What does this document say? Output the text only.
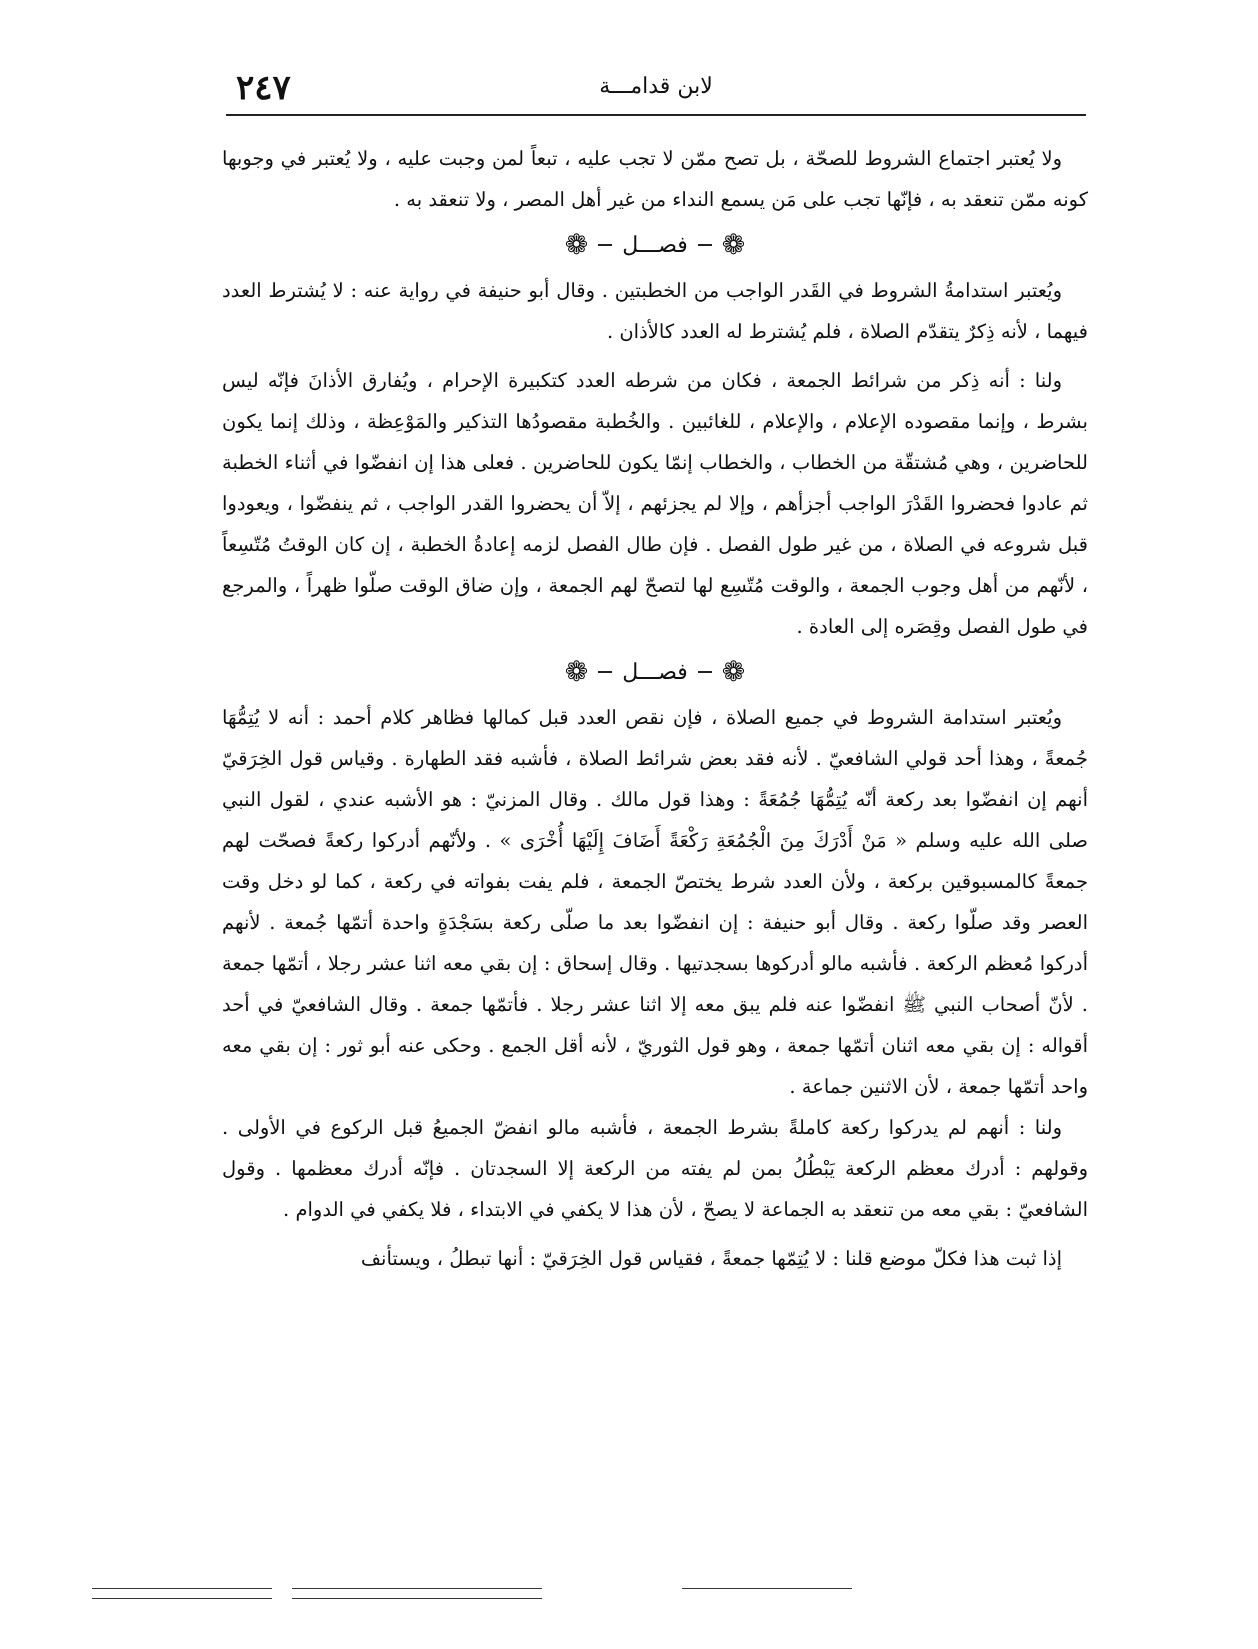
٢٤٧	لابن قدامـــة

ولا يُعتبر اجتماع الشروط للصحّة ، بل تصح ممّن لا تجب عليه ، تبعاً لمن وجبت عليه ، ولا يُعتبر في وجوبها كونه ممّن تنعقد به ، فإنّها تجب على مَن يسمع النداء من غير أهل المصر ، ولا تنعقد به .

❁
فصـــل
❁

ويُعتبر استدامةُ الشروط في القَدر الواجب من الخطبتين . وقال أبو حنيفة في رواية عنه : لا يُشترط العدد فيهما ، لأنه ذِكرٌ يتقدّم الصلاة ، فلم يُشترط له العدد كالأذان .

ولنا : أنه ذِكر من شرائط الجمعة ، فكان من شرطه العدد كتكبيرة الإحرام ، ويُفارق الأذانَ فإنّه ليس بشرط ، وإنما مقصوده الإعلام ، والإعلام ، للغائبين . والخُطبة مقصودُها التذكير والمَوْعِظة ، وذلك إنما يكون للحاضرين ، وهي مُشتقّة من الخطاب ، والخطاب إنمّا يكون للحاضرين . فعلى هذا إن انفضّوا في أثناء الخطبة ثم عادوا فحضروا القَدْرَ الواجب أجزأهم ، وإلا لم يجزئهم ، إلاّ أن يحضروا القدر الواجب ، ثم ينفضّوا ، ويعودوا قبل شروعه في الصلاة ، من غير طول الفصل . فإن طال الفصل لزمه إعادةُ الخطبة ، إن كان الوقتُ مُتّسِعاً ، لأنّهم من أهل وجوب الجمعة ، والوقت مُتّسِع لها لتصحّ لهم الجمعة ، وإن ضاق الوقت صلّوا ظهراً ، والمرجع في طول الفصل وقِصَره إلى العادة .

❁
فصـــل
❁

ويُعتبر استدامة الشروط في جميع الصلاة ، فإن نقص العدد قبل كمالها فظاهر كلام أحمد : أنه لا يُتِمُّهَا جُمعةً ، وهذا أحد قولي الشافعيّ . لأنه فقد بعض شرائط الصلاة ، فأشبه فقد الطهارة . وقياس قول الخِرَقيّ أنهم إن انفضّوا بعد ركعة أنّه يُتِمُّهَا جُمُعَةً : وهذا قول مالك . وقال المزنيّ : هو الأشبه عندي ، لقول النبي صلى الله عليه وسلم « مَنْ أَدْرَكَ مِنَ الْجُمُعَةِ رَكْعَةً أَضَافَ إِلَيْهَا أُخْرَى » . ولأنّهم أدركوا ركعةً فصحّت لهم جمعةً كالمسبوقين بركعة ، ولأن العدد شرط يختصّ الجمعة ، فلم يفت بفواته في ركعة ، كما لو دخل وقت العصر وقد صلّوا ركعة . وقال أبو حنيفة : إن انفضّوا بعد ما صلّى ركعة بسَجْدَةٍ واحدة أتمّها جُمعة . لأنهم أدركوا مُعظم الركعة . فأشبه مالو أدركوها بسجدتيها . وقال إسحاق : إن بقي معه اثنا عشر رجلا ، أتمّها جمعة . لأنّ أصحاب النبي ﷺ انفضّوا عنه فلم يبق معه إلا اثنا عشر رجلا . فأتمّها جمعة . وقال الشافعيّ في أحد أقواله : إن بقي معه اثنان أتمّها جمعة ، وهو قول الثوريّ ، لأنه أقل الجمع . وحكى عنه أبو ثور : إن بقي معه واحد أتمّها جمعة ، لأن الاثنين جماعة .

ولنا : أنهم لم يدركوا ركعة كاملةً بشرط الجمعة ، فأشبه مالو انفضّ الجميعُ قبل الركوع في الأولى . وقولهم : أدرك معظم الركعة يَبْطُلُ بمن لم يفته من الركعة إلا السجدتان . فإنّه أدرك معظمها . وقول الشافعيّ : بقي معه من تنعقد به الجماعة لا يصحّ ، لأن هذا لا يكفي في الابتداء ، فلا يكفي في الدوام .

إذا ثبت هذا فكلّ موضع قلنا : لا يُتِمّها جمعةً ، فقياس قول الخِرَقيّ : أنها تبطلُ ، ويستأنف
